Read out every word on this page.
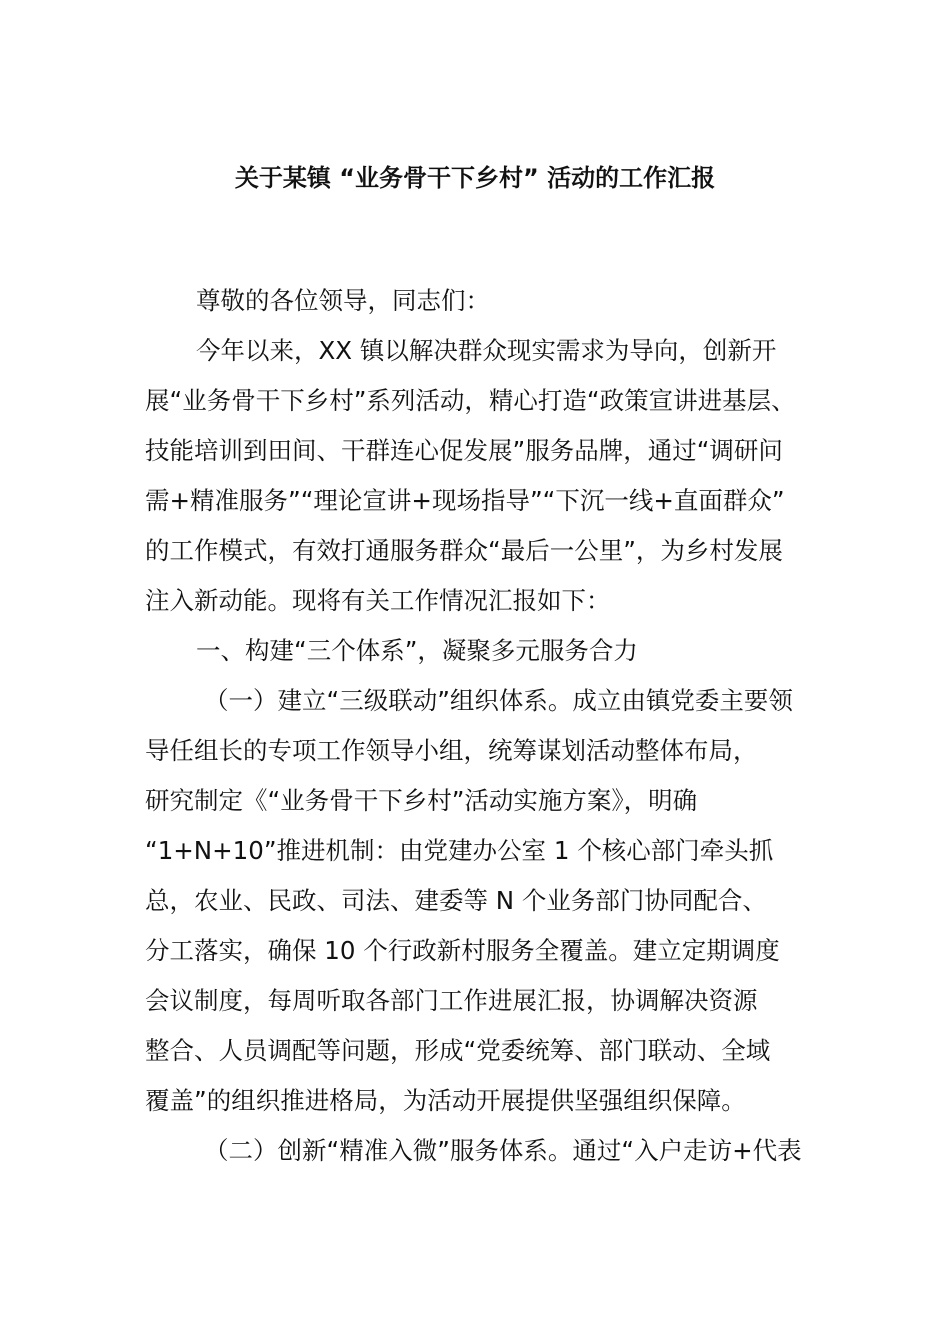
关于某镇 “业务骨干下乡村” 活动的工作汇报
尊敬的各位领导，同志们：
今年以来，XX 镇以解决群众现实需求为导向，创新开
展“业务骨干下乡村”系列活动，精心打造“政策宣讲进基层、
技能培训到田间、干群连心促发展”服务品牌，通过“调研问
需+精准服务”“理论宣讲+现场指导”“下沉一线+直面群众”
的工作模式，有效打通服务群众“最后一公里”，为乡村发展
注入新动能。现将有关工作情况汇报如下：
一、构建“三个体系”，凝聚多元服务合力
（一）建立“三级联动”组织体系。成立由镇党委主要领
导任组长的专项工作领导小组，统筹谋划活动整体布局，
研究制定《“业务骨干下乡村”活动实施方案》，明确
“1+N+10”推进机制：由党建办公室 1 个核心部门牵头抓
总，农业、民政、司法、建委等 N 个业务部门协同配合、
分工落实，确保 10 个行政新村服务全覆盖。建立定期调度
会议制度，每周听取各部门工作进展汇报，协调解决资源
整合、人员调配等问题，形成“党委统筹、部门联动、全域
覆盖”的组织推进格局，为活动开展提供坚强组织保障。
（二）创新“精准入微”服务体系。通过“入户走访+代表
